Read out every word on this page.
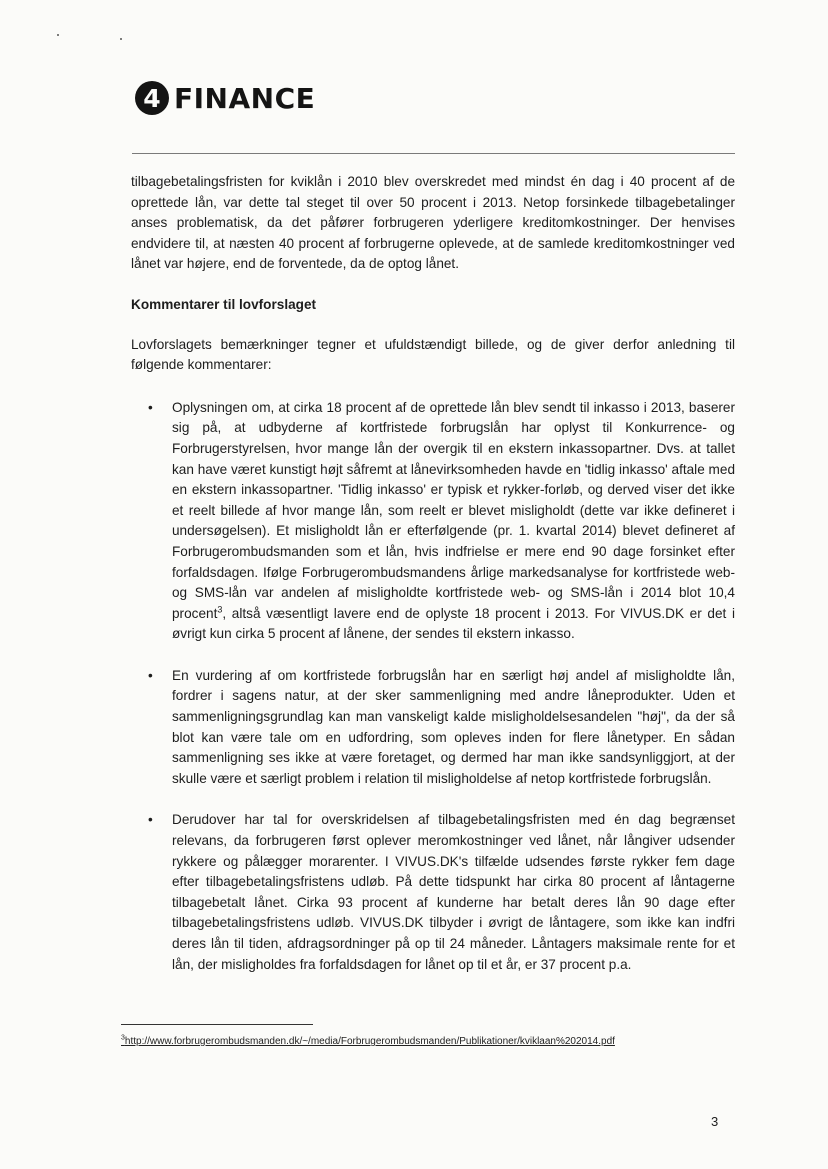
4 FINANCE

tilbagebetalingsfristen for kviklån i 2010 blev overskredet med mindst én dag i 40 procent af de oprettede lån, var dette tal steget til over 50 procent i 2013. Netop forsinkede tilbagebetalinger anses problematisk, da det påfører forbrugeren yderligere kreditomkostninger. Der henvises endvidere til, at næsten 40 procent af forbrugerne oplevede, at de samlede kreditomkostninger ved lånet var højere, end de forventede, da de optog lånet.

Kommentarer til lovforslaget

Lovforslagets bemærkninger tegner et ufuldstændigt billede, og de giver derfor anledning til følgende kommentarer:

• Oplysningen om, at cirka 18 procent af de oprettede lån blev sendt til inkasso i 2013, baserer sig på, at udbyderne af kortfristede forbrugslån har oplyst til Konkurrence- og Forbrugerstyrelsen, hvor mange lån der overgik til en ekstern inkassopartner. Dvs. at tallet kan have været kunstigt højt såfremt at lånevirksomheden havde en 'tidlig inkasso' aftale med en ekstern inkassopartner. 'Tidlig inkasso' er typisk et rykker-forløb, og derved viser det ikke et reelt billede af hvor mange lån, som reelt er blevet misligholdt (dette var ikke defineret i undersøgelsen). Et misligholdt lån er efterfølgende (pr. 1. kvartal 2014) blevet defineret af Forbrugerombudsmanden som et lån, hvis indfrielse er mere end 90 dage forsinket efter forfaldsdagen. Ifølge Forbrugerombudsmandens årlige markedsanalyse for kortfristede web- og SMS-lån var andelen af misligholdte kortfristede web- og SMS-lån i 2014 blot 10,4 procent$^3$, altså væsentligt lavere end de oplyste 18 procent i 2013. For VIVUS.DK er det i øvrigt kun cirka 5 procent af lånene, der sendes til ekstern inkasso.
• En vurdering af om kortfristede forbrugslån har en særligt høj andel af misligholdte lån, fordrer i sagens natur, at der sker sammenligning med andre låneprodukter. Uden et sammenligningsgrundlag kan man vanskeligt kalde misligholdelsesandelen "høj", da der så blot kan være tale om en udfordring, som opleves inden for flere lånetyper. En sådan sammenligning ses ikke at være foretaget, og dermed har man ikke sandsynliggjort, at der skulle være et særligt problem i relation til misligholdelse af netop kortfristede forbrugslån.
• Derudover har tal for overskridelsen af tilbagebetalingsfristen med én dag begrænset relevans, da forbrugeren først oplever meromkostninger ved lånet, når långiver udsender rykkere og pålægger morarenter. I VIVUS.DK's tilfælde udsendes første rykker fem dage efter tilbagebetalingsfristens udløb. På dette tidspunkt har cirka 80 procent af låntagerne tilbagebetalt lånet. Cirka 93 procent af kunderne har betalt deres lån 90 dage efter tilbagebetalingsfristens udløb. VIVUS.DK tilbyder i øvrigt de låntagere, som ikke kan indfri deres lån til tiden, afdragsordninger på op til 24 måneder. Låntagers maksimale rente for et lån, der misligholdes fra forfaldsdagen for lånet op til et år, er 37 procent p.a.
$^3$http://www.forbrugerombudsmanden.dk/~/media/Forbrugerombudsmanden/Publikationer/kviklaan%202014.pdf
3
